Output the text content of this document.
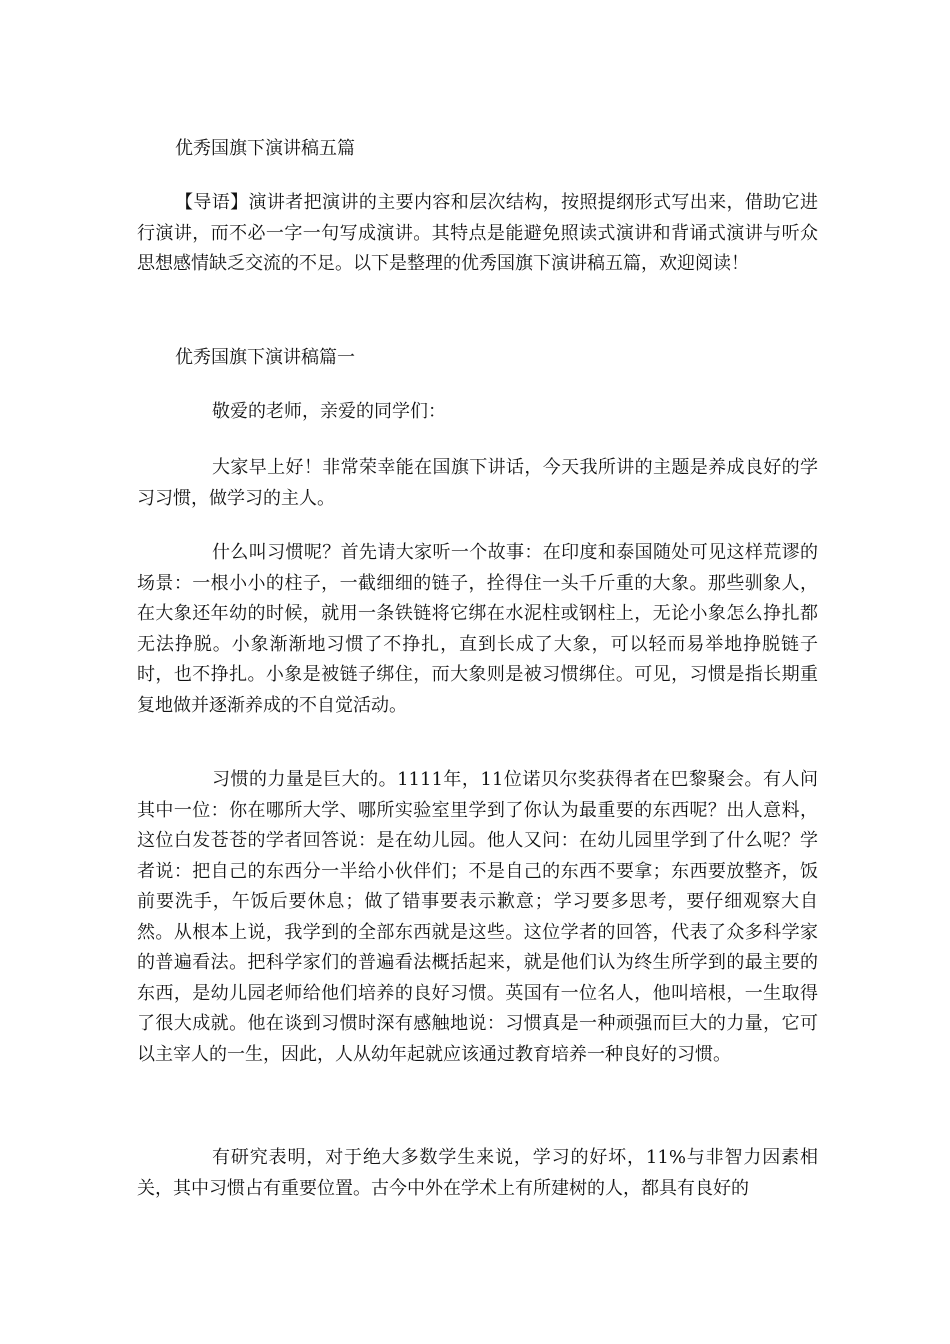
优秀国旗下演讲稿五篇

【导语】演讲者把演讲的主要内容和层次结构，按照提纲形式写出来，借助它进行演讲，而不必一字一句写成演讲。其特点是能避免照读式演讲和背诵式演讲与听众思想感情缺乏交流的不足。以下是整理的优秀国旗下演讲稿五篇，欢迎阅读！

优秀国旗下演讲稿篇一
敬爱的老师，亲爱的同学们：

大家早上好！非常荣幸能在国旗下讲话，今天我所讲的主题是养成良好的学习习惯，做学习的主人。

什么叫习惯呢？首先请大家听一个故事：在印度和泰国随处可见这样荒谬的场景：一根小小的柱子，一截细细的链子，拴得住一头千斤重的大象。那些驯象人，在大象还年幼的时候，就用一条铁链将它绑在水泥柱或钢柱上，无论小象怎么挣扎都无法挣脱。小象渐渐地习惯了不挣扎，直到长成了大象，可以轻而易举地挣脱链子时，也不挣扎。小象是被链子绑住，而大象则是被习惯绑住。可见，习惯是指长期重复地做并逐渐养成的不自觉活动。

习惯的力量是巨大的。1111年，11位诺贝尔奖获得者在巴黎聚会。有人问其中一位：你在哪所大学、哪所实验室里学到了你认为最重要的东西呢？出人意料，这位白发苍苍的学者回答说：是在幼儿园。他人又问：在幼儿园里学到了什么呢？学者说：把自己的东西分一半给小伙伴们；不是自己的东西不要拿；东西要放整齐，饭前要洗手，午饭后要休息；做了错事要表示歉意；学习要多思考，要仔细观察大自然。从根本上说，我学到的全部东西就是这些。这位学者的回答，代表了众多科学家的普遍看法。把科学家们的普遍看法概括起来，就是他们认为终生所学到的最主要的东西，是幼儿园老师给他们培养的良好习惯。英国有一位名人，他叫培根，一生取得了很大成就。他在谈到习惯时深有感触地说：习惯真是一种顽强而巨大的力量，它可以主宰人的一生，因此，人从幼年起就应该通过教育培养一种良好的习惯。

有研究表明，对于绝大多数学生来说，学习的好坏，11%与非智力因素相关，其中习惯占有重要位置。古今中外在学术上有所建树的人，都具有良好的
